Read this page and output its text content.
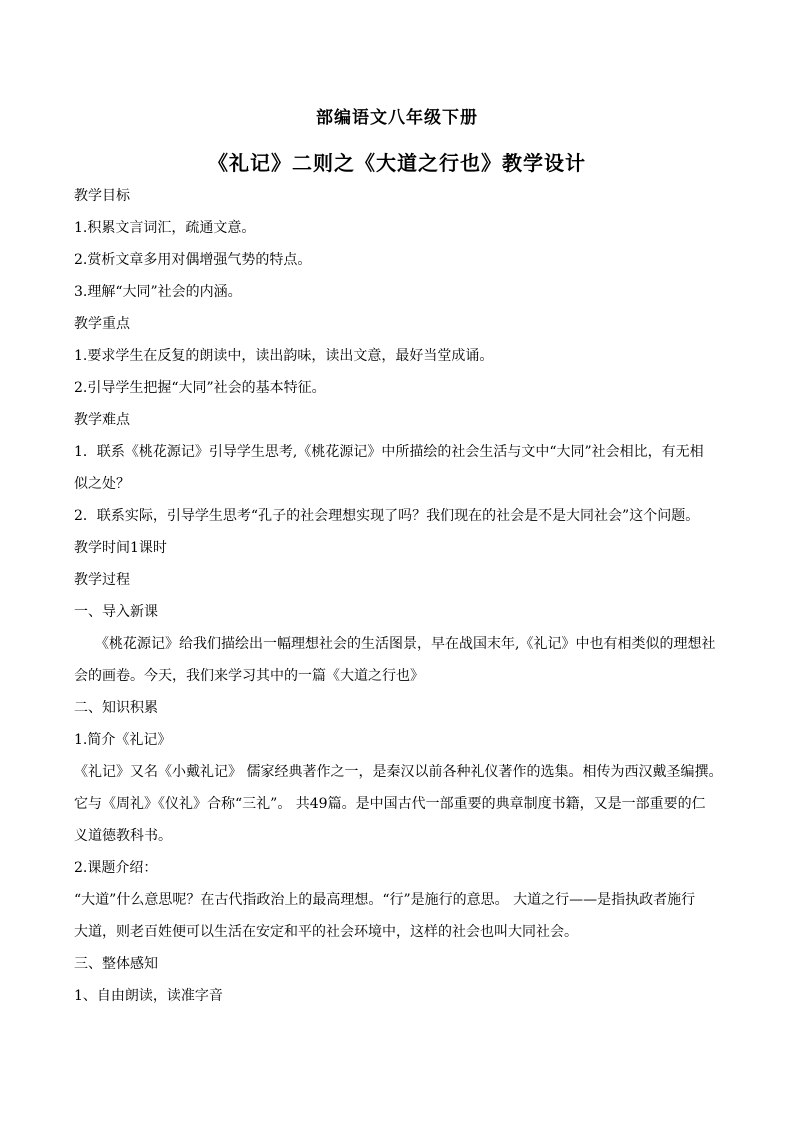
部编语文八年级下册
《礼记》二则之《大道之行也》教学设计
教学目标
1.积累文言词汇，疏通文意。
2.赏析文章多用对偶增强气势的特点。
3.理解“大同”社会的内涵。
教学重点
1.要求学生在反复的朗读中，读出韵味，读出文意，最好当堂成诵。
2.引导学生把握“大同”社会的基本特征。
教学难点
1．联系《桃花源记》引导学生思考,《桃花源记》中所描绘的社会生活与文中“大同”社会相比，有无相
似之处？
2．联系实际，引导学生思考“孔子的社会理想实现了吗？我们现在的社会是不是大同社会”这个问题。
教学时间1课时
教学过程
一、导入新课
《桃花源记》给我们描绘出一幅理想社会的生活图景，早在战国末年,《礼记》中也有相类似的理想社
会的画卷。今天，我们来学习其中的一篇《大道之行也》
二、知识积累
1.简介《礼记》
《礼记》又名《小戴礼记》 儒家经典著作之一，是秦汉以前各种礼仪著作的选集。相传为西汉戴圣编撰。
它与《周礼》《仪礼》合称“三礼”。 共49篇。是中国古代一部重要的典章制度书籍，又是一部重要的仁
义道德教科书。
2.课题介绍：
“大道”什么意思呢？在古代指政治上的最高理想。“行”是施行的意思。 大道之行——是指执政者施行
大道，则老百姓便可以生活在安定和平的社会环境中，这样的社会也叫大同社会。
三、整体感知
1、自由朗读，读准字音
